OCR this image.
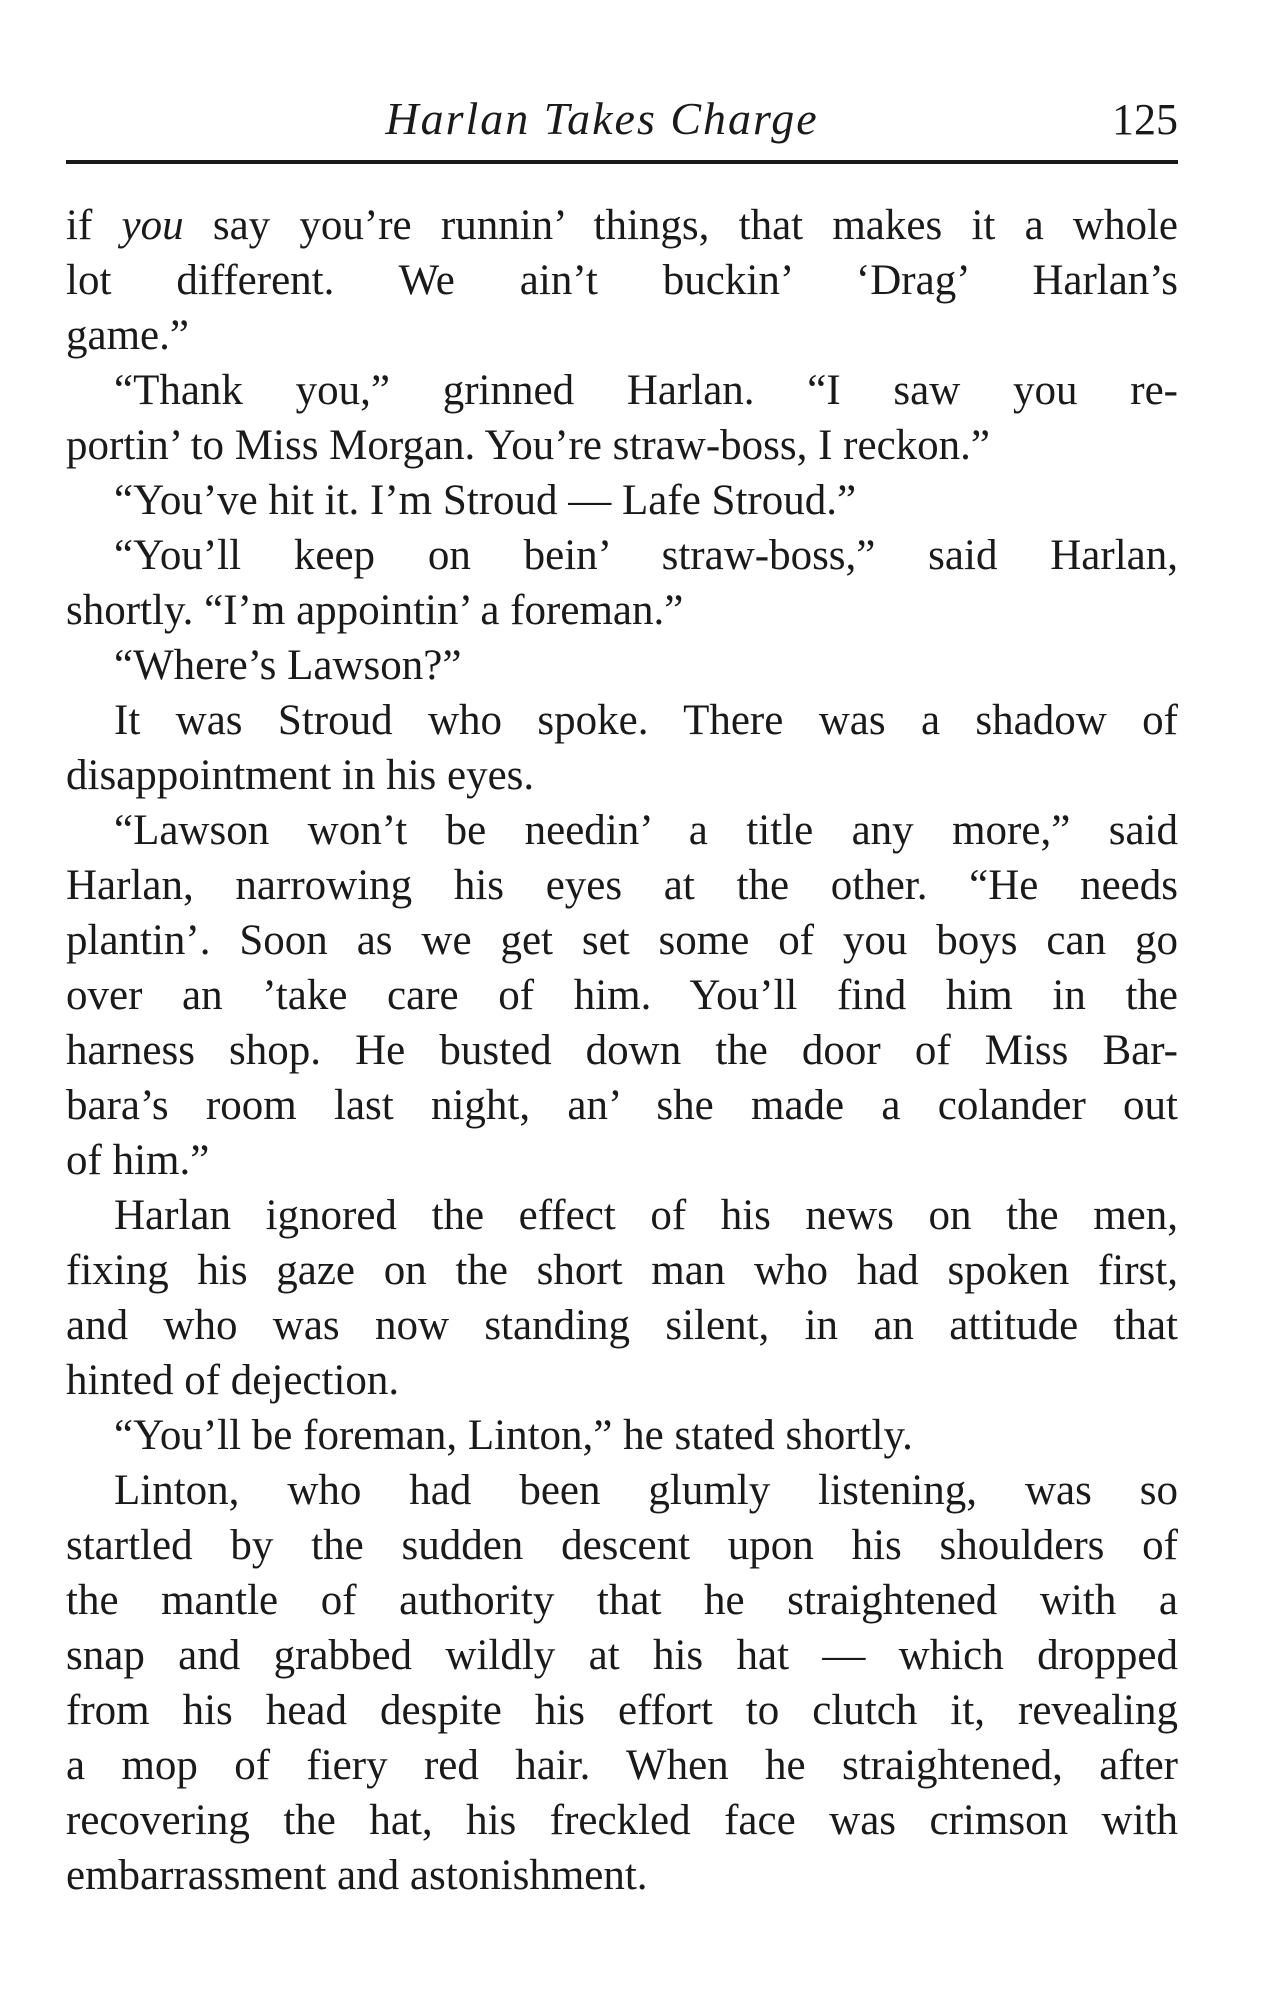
Harlan Takes Charge	125
if you say you’re runnin’ things, that makes it a whole
lot different. We ain’t buckin’ ‘Drag’ Harlan’s
game.”
“Thank you,” grinned Harlan. “I saw you re-
portin’ to Miss Morgan. You’re straw-boss, I reckon.”
“You’ve hit it. I’m Stroud — Lafe Stroud.”
“You’ll keep on bein’ straw-boss,” said Harlan,
shortly. “I’m appointin’ a foreman.”
“Where’s Lawson?”
It was Stroud who spoke. There was a shadow of
disappointment in his eyes.
“Lawson won’t be needin’ a title any more,” said
Harlan, narrowing his eyes at the other. “He needs
plantin’. Soon as we get set some of you boys can go
over an ’take care of him. You’ll find him in the
harness shop. He busted down the door of Miss Bar-
bara’s room last night, an’ she made a colander out
of him.”
Harlan ignored the effect of his news on the men,
fixing his gaze on the short man who had spoken first,
and who was now standing silent, in an attitude that
hinted of dejection.
“You’ll be foreman, Linton,” he stated shortly.
Linton, who had been glumly listening, was so
startled by the sudden descent upon his shoulders of
the mantle of authority that he straightened with a
snap and grabbed wildly at his hat — which dropped
from his head despite his effort to clutch it, revealing
a mop of fiery red hair. When he straightened, after
recovering the hat, his freckled face was crimson with
embarrassment and astonishment.
